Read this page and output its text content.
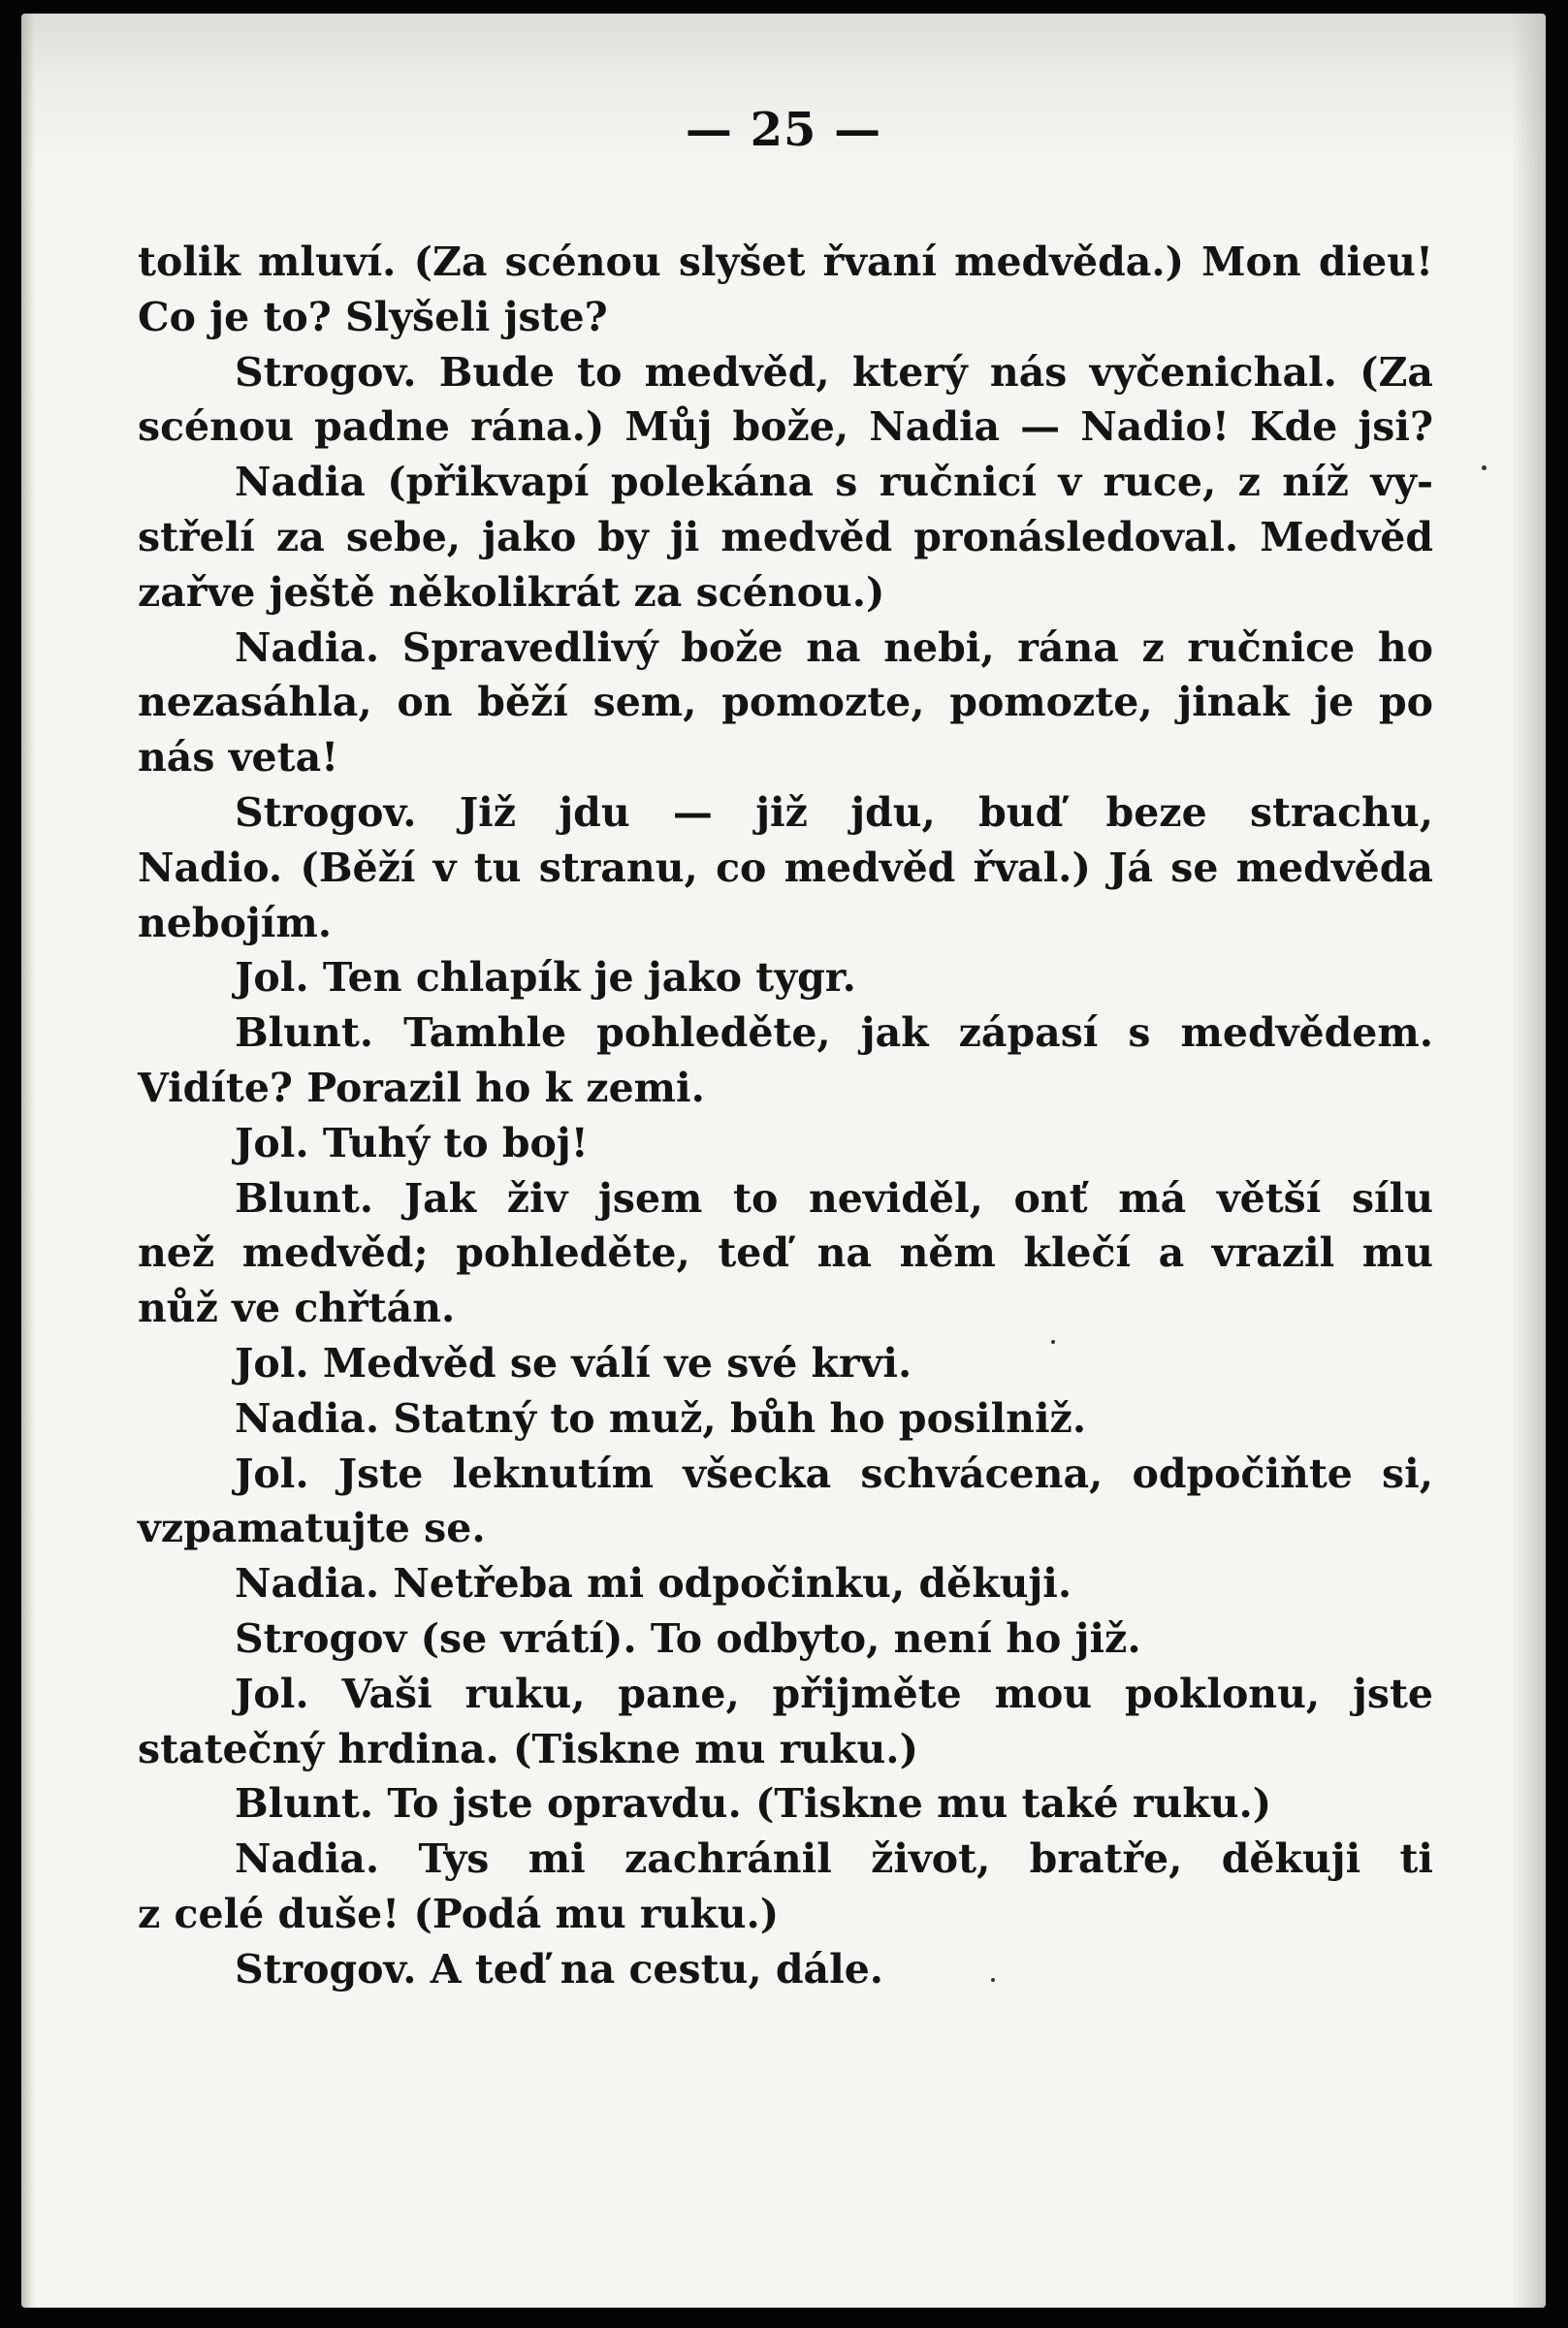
— 25 —
tolik mluví. (Za scénou slyšet řvaní medvěda.) Mon dieu!
Co je to? Slyšeli jste?
Strogov. Bude to medvěd, který nás vyčenichal. (Za
scénou padne rána.) Můj bože, Nadia — Nadio! Kde jsi?
Nadia (přikvapí polekána s ručnicí v ruce, z níž vy-
střelí za sebe, jako by ji medvěd pronásledoval. Medvěd
zařve ještě několikrát za scénou.)
Nadia. Spravedlivý bože na nebi, rána z ručnice ho
nezasáhla, on běží sem, pomozte, pomozte, jinak je po
nás veta!
Strogov. Již jdu — již jdu, buď beze strachu,
Nadio. (Běží v tu stranu, co medvěd řval.) Já se medvěda
nebojím.
Jol. Ten chlapík je jako tygr.
Blunt. Tamhle pohleděte, jak zápasí s medvědem.
Vidíte? Porazil ho k zemi.
Jol. Tuhý to boj!
Blunt. Jak živ jsem to neviděl, onť má větší sílu
než medvěd; pohleděte, teď na něm klečí a vrazil mu
nůž ve chřtán.
Jol. Medvěd se válí ve své krvi.
Nadia. Statný to muž, bůh ho posilniž.
Jol. Jste leknutím všecka schvácena, odpočiňte si,
vzpamatujte se.
Nadia. Netřeba mi odpočinku, děkuji.
Strogov (se vrátí). To odbyto, není ho již.
Jol. Vaši ruku, pane, přijměte mou poklonu, jste
statečný hrdina. (Tiskne mu ruku.)
Blunt. To jste opravdu. (Tiskne mu také ruku.)
Nadia. Tys mi zachránil život, bratře, děkuji ti
z celé duše! (Podá mu ruku.)
Strogov. A teď na cestu, dále.
